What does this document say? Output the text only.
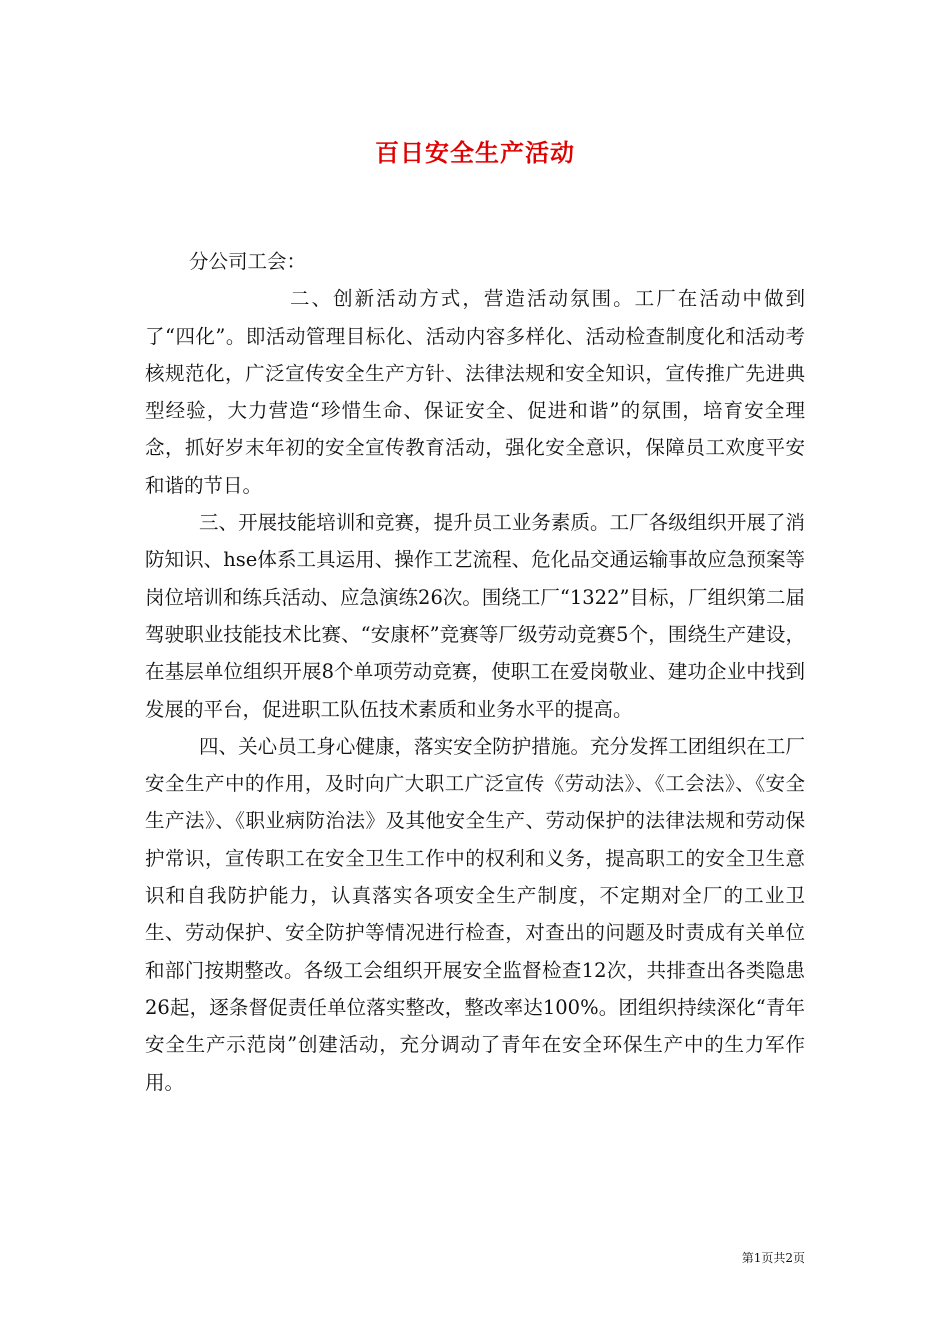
百日安全生产活动

分公司工会：

二、创新活动方式，营造活动氛围。工厂在活动中做到了“四化”。即活动管理目标化、活动内容多样化、活动检查制度化和活动考核规范化，广泛宣传安全生产方针、法律法规和安全知识，宣传推广先进典型经验，大力营造“珍惜生命、保证安全、促进和谐”的氛围，培育安全理念，抓好岁末年初的安全宣传教育活动，强化安全意识，保障员工欢度平安和谐的节日。

三、开展技能培训和竞赛，提升员工业务素质。工厂各级组织开展了消防知识、hse体系工具运用、操作工艺流程、危化品交通运输事故应急预案等岗位培训和练兵活动、应急演练26次。围绕工厂“1322”目标，厂组织第二届驾驶职业技能技术比赛、“安康杯”竞赛等厂级劳动竞赛5个，围绕生产建设，在基层单位组织开展8个单项劳动竞赛，使职工在爱岗敬业、建功企业中找到发展的平台，促进职工队伍技术素质和业务水平的提高。

四、关心员工身心健康，落实安全防护措施。充分发挥工团组织在工厂安全生产中的作用，及时向广大职工广泛宣传《劳动法》、《工会法》、《安全生产法》、《职业病防治法》及其他安全生产、劳动保护的法律法规和劳动保护常识，宣传职工在安全卫生工作中的权利和义务，提高职工的安全卫生意识和自我防护能力，认真落实各项安全生产制度，不定期对全厂的工业卫生、劳动保护、安全防护等情况进行检查，对查出的问题及时责成有关单位和部门按期整改。各级工会组织开展安全监督检查12次，共排查出各类隐患26起，逐条督促责任单位落实整改，整改率达100%。团组织持续深化“青年安全生产示范岗”创建活动，充分调动了青年在安全环保生产中的生力军作用。

第1页共2页
